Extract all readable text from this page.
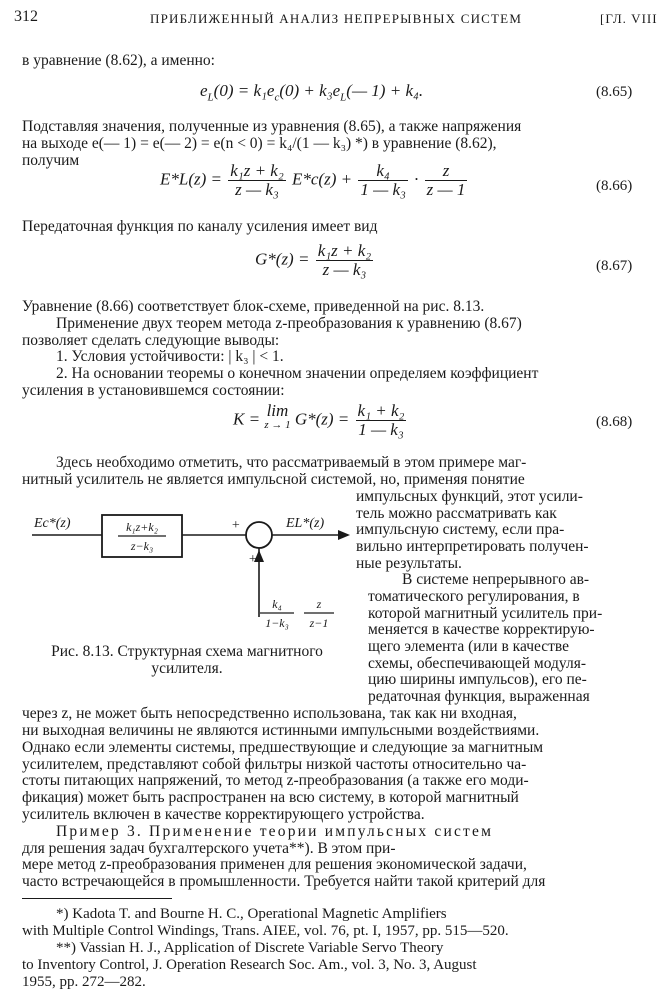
312	ПРИБЛИЖЕННЫЙ АНАЛИЗ НЕПРЕРЫВНЫХ СИСТЕМ	[ГЛ. VIII
в уравнение (8.62), а именно:
$e_L(0) = k_1e_c(0)$ + $k_3e_L(—$ 1) + k₄.	(8.65)
Подставляя значения, полученные из уравнения (8.65), а также напряжения
на выходе e(— 1) = e(— 2) = e(n < 0) = k₄/(1 — k₃) *) в уравнение (8.62),
получим
$E*L(z) = \frac{\text{k₁z + k₂}}{\text{z — k₃}} E*c(z) + \frac{\text{k₄}}{\text{1 — k₃}} \cdot \frac{z}{z — 1}$	(8.66)
Передаточная функция по каналу усиления имеет вид
$G*(z) = \frac{\text{k₁z + k₂}}{\text{z — k₃}}$	(8.67)
Уравнение (8.66) соответствует блок-схеме, приведенной на рис. 8.13.
Применение двух теорем метода z-преобразования к уравнению (8.67)
позволяет сделать следующие выводы:
1. Условия устойчивости: | k₃ | < 1.
2. На основании теоремы о конечном значении определяем коэффициент
усиления в установившемся состоянии:
K = lim
z → 1 $G*(z) = \frac{\text{k₁ + k₂}}{\text{1 — k₃}}$	(8.68)
Здесь необходимо отметить, что рассматриваемый в этом примере маг-
нитный усилитель не является импульсной системой, но, применяя понятие
импульсных функций, этот усили-
тель можно рассматривать как
импульсную систему, если пра-
вильно интерпретировать получен-
ные результаты.
В системе непрерывного ав-
томатического регулирования, в
которой магнитный усилитель при-
меняется в качестве корректирую-
щего элемента (или в качестве
схемы, обеспечивающей модуля-
цию ширины импульсов), его пе-
редаточная функция, выраженная
Ec*(z)	k₁z+k₂
z−k₃
+
+
EL*(z)
k₄
1−k₃
z
z−1
Рис. 8.13. Структурная схема магнитного
усилителя.
через z, не может быть непосредственно использована, так как ни входная,
ни выходная величины не являются истинными импульсными воздействиями.
Однако если элементы системы, предшествующие и следующие за магнитным
усилителем, представляют собой фильтры низкой частоты относительно ча-
стоты питающих напряжений, то метод z-преобразования (а также его моди-
фикация) может быть распространен на всю систему, в которой магнитный
усилитель включен в качестве корректирующего устройства.
Пример 3. Применение теории импульсных систем
для решения задач бухгалтерского учета**). В этом при-
мере метод z-преобразования применен для решения экономической задачи,
часто встречающейся в промышленности. Требуется найти такой критерий для
*) Kadota T. and Bourne H. C., Operational Magnetic Amplifiers
with Multiple Control Windings, Trans. AIEE, vol. 76, pt. I, 1957, pp. 515—520.
**) Vassian H. J., Application of Discrete Variable Servo Theory
to Inventory Control, J. Operation Research Soc. Am., vol. 3, No. 3, August
1955, pp. 272—282.
